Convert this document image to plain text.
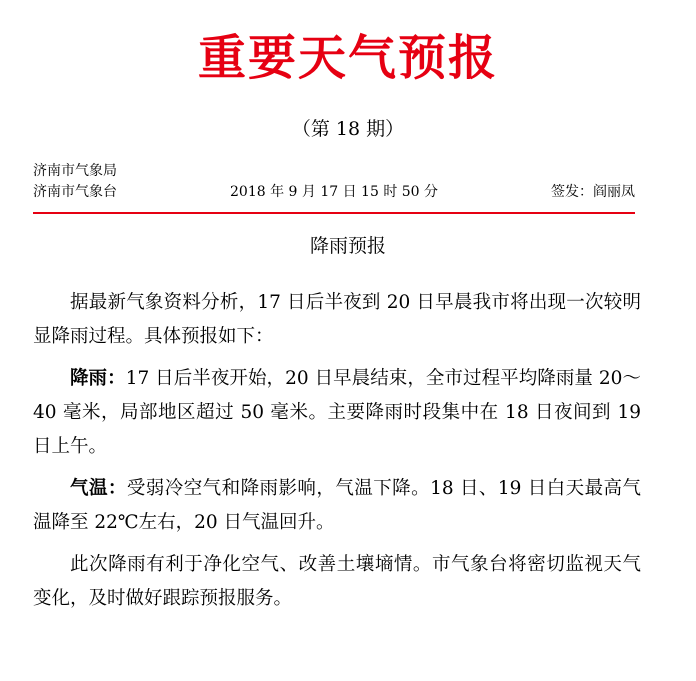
重要天气预报
（第 18 期）
济南市气象局
济南市气象台	2018 年 9 月 17 日 15 时 50 分	签发：阎丽凤
降雨预报

据最新气象资料分析，17 日后半夜到 20 日早晨我市将出现一次较明显降雨过程。具体预报如下：

降雨：17 日后半夜开始，20 日早晨结束，全市过程平均降雨量 20～40 毫米，局部地区超过 50 毫米。主要降雨时段集中在 18 日夜间到 19 日上午。

气温：受弱冷空气和降雨影响，气温下降。18 日、19 日白天最高气温降至 22℃左右，20 日气温回升。

此次降雨有利于净化空气、改善土壤墒情。市气象台将密切监视天气变化，及时做好跟踪预报服务。
